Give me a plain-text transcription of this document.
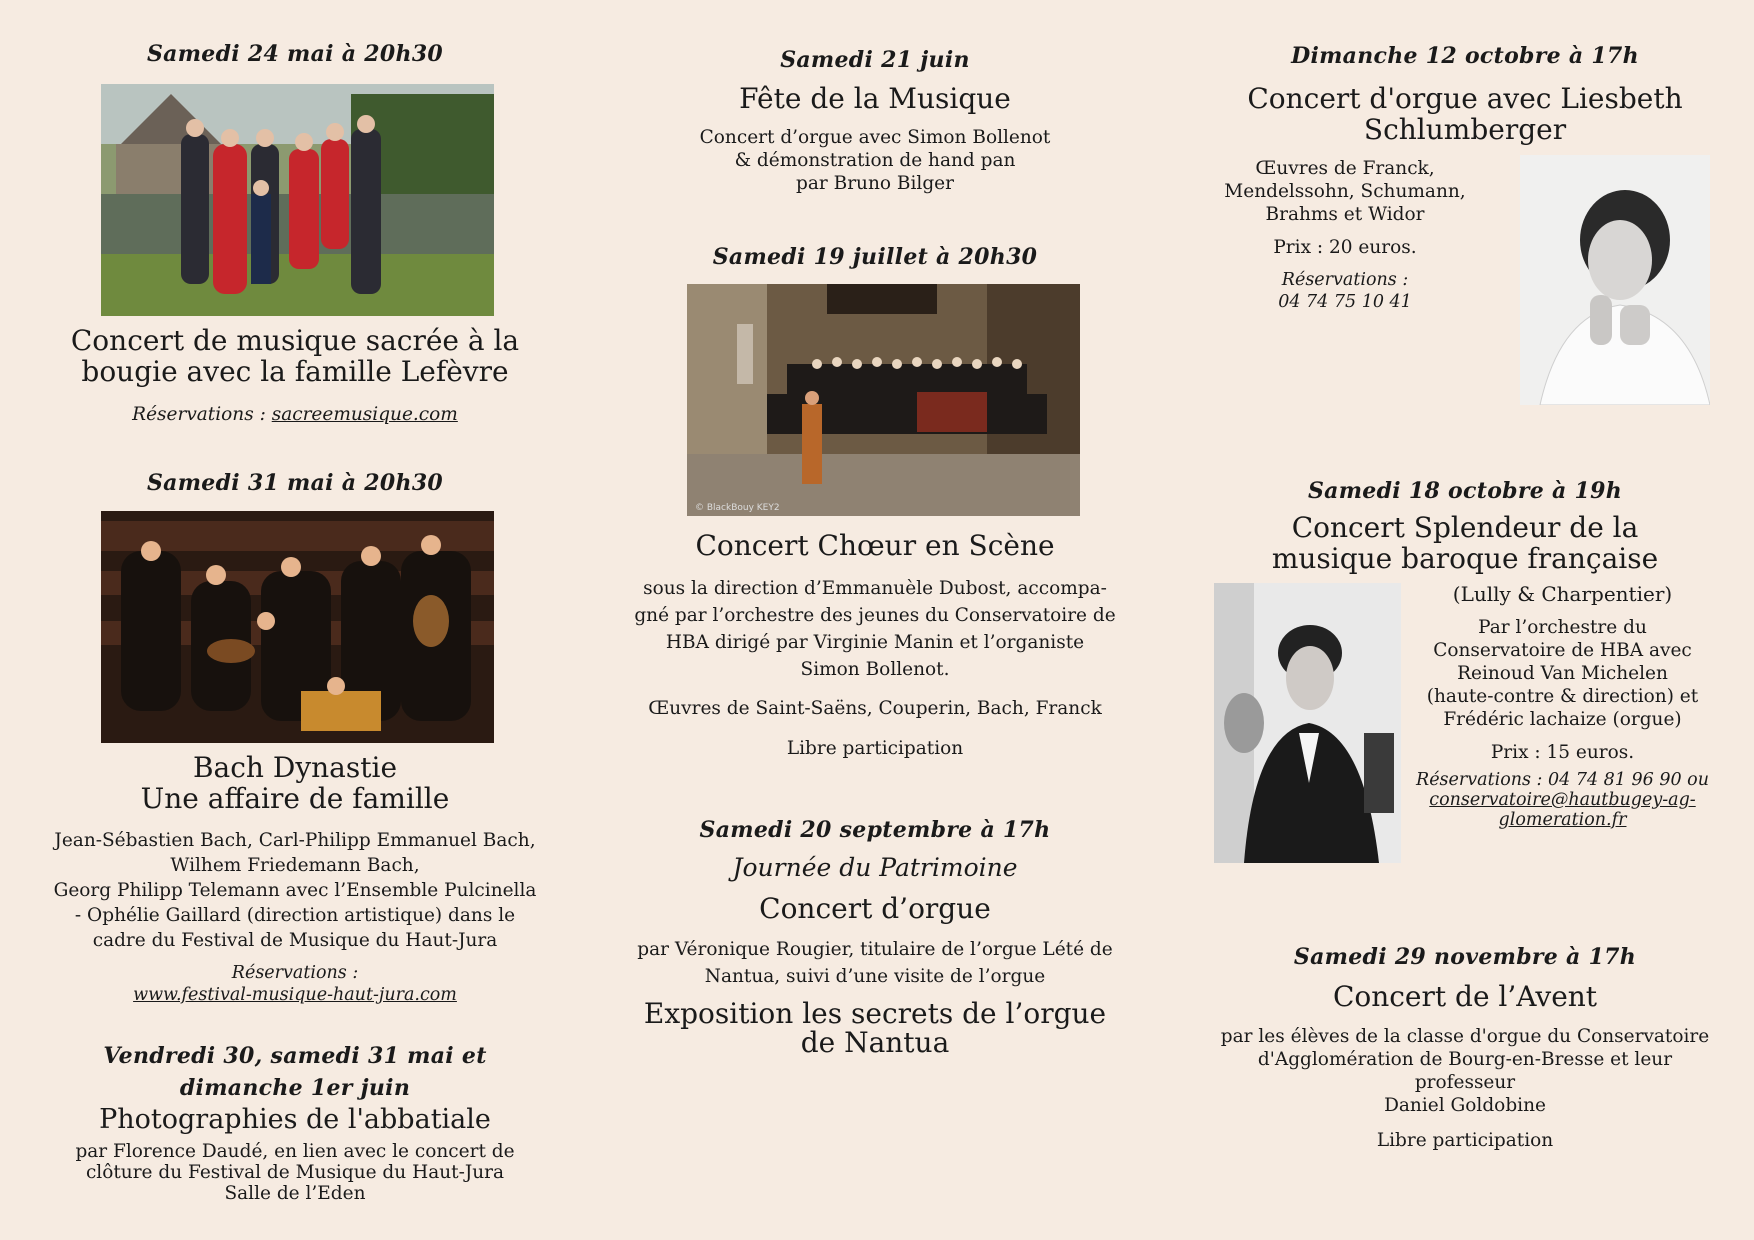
Samedi 24 mai à 20h30
Concert de musique sacrée à la
bougie avec la famille Lefèvre
Réservations : sacreemusique.com
Samedi 31 mai à 20h30
Bach Dynastie
Une affaire de famille
Jean-Sébastien Bach, Carl-Philipp Emmanuel Bach,
Wilhem Friedemann Bach,
Georg Philipp Telemann avec l’Ensemble Pulcinella
- Ophélie Gaillard (direction artistique) dans le
cadre du Festival de Musique du Haut-Jura
Réservations :
www.festival-musique-haut-jura.com
Vendredi 30, samedi 31 mai et
dimanche 1er juin
Photographies de l'abbatiale
par Florence Daudé, en lien avec le concert de
clôture du Festival de Musique du Haut-Jura
Salle de l’Eden
Samedi 21 juin
Fête de la Musique
Concert d’orgue avec Simon Bollenot
& démonstration de hand pan
par Bruno Bilger
Samedi 19 juillet à 20h30
© BlackBouy KEY2
Concert Chœur en Scène
sous la direction d’Emmanuèle Dubost, accompa-
gné par l’orchestre des jeunes du Conservatoire de
HBA dirigé par Virginie Manin et l’organiste
Simon Bollenot.
Œuvres de Saint-Saëns, Couperin, Bach, Franck
Libre participation
Samedi 20 septembre à 17h
Journée du Patrimoine
Concert d’orgue
par Véronique Rougier, titulaire de l’orgue Lété de
Nantua, suivi d’une visite de l’orgue
Exposition les secrets de l’orgue
de Nantua
Dimanche 12 octobre à 17h
Concert d'orgue avec Liesbeth
Schlumberger
Œuvres de Franck,
Mendelssohn, Schumann,
Brahms et Widor
Prix : 20 euros.
Réservations :
04 74 75 10 41
Samedi 18 octobre à 19h
Concert Splendeur de la
musique baroque française
(Lully & Charpentier)
Par l’orchestre du
Conservatoire de HBA avec
Reinoud Van Michelen
(haute-contre & direction) et
Frédéric lachaize (orgue)
Prix : 15 euros.
Réservations : 04 74 81 96 90 ou
conservatoire@hautbugey-ag-
glomeration.fr
Samedi 29 novembre à 17h
Concert de l’Avent
par les élèves de la classe d'orgue du Conservatoire
d'Agglomération de Bourg-en-Bresse et leur
professeur
Daniel Goldobine
Libre participation
